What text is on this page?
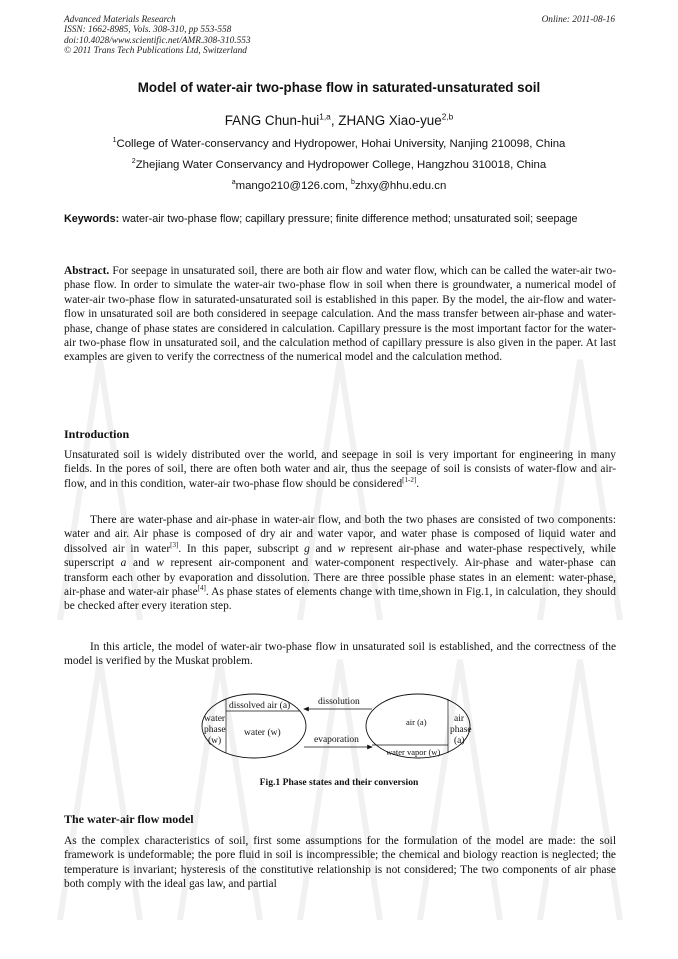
Advanced Materials Research
ISSN: 1662-8985, Vols. 308-310, pp 553-558
doi:10.4028/www.scientific.net/AMR.308-310.553
© 2011 Trans Tech Publications Ltd, Switzerland
Online: 2011-08-16
Model of water-air two-phase flow in saturated-unsaturated soil
FANG Chun-hui$^{1,a}$, ZHANG Xiao-yue$^{2,b}$
$^1$College of Water-conservancy and Hydropower, Hohai University, Nanjing 210098, China
$^2$Zhejiang Water Conservancy and Hydropower College, Hangzhou 310018, China
$^a$mango210@126.com, $^b$zhxy@hhu.edu.cn
Keywords: water-air two-phase flow; capillary pressure; finite difference method; unsaturated soil; seepage
Abstract. For seepage in unsaturated soil, there are both air flow and water flow, which can be called the water-air two-phase flow. In order to simulate the water-air two-phase flow in soil when there is groundwater, a numerical model of water-air two-phase flow in saturated-unsaturated soil is established in this paper. By the model, the air-flow and water-flow in unsaturated soil are both considered in seepage calculation. And the mass transfer between air-phase and water-phase, change of phase states are considered in calculation. Capillary pressure is the most important factor for the water-air two-phase flow in unsaturated soil, and the calculation method of capillary pressure is also given in the paper. At last examples are given to verify the correctness of the numerical model and the calculation method.
Introduction
Unsaturated soil is widely distributed over the world, and seepage in soil is very important for engineering in many fields. In the pores of soil, there are often both water and air, thus the seepage of soil is consists of water-flow and air-flow, and in this condition, water-air two-phase flow should be considered[1-2].
There are water-phase and air-phase in water-air flow, and both the two phases are consisted of two components: water and air. Air phase is composed of dry air and water vapor, and water phase is composed of liquid water and dissolved air in water[3]. In this paper, subscript g and w represent air-phase and water-phase respectively, while superscript a and w represent air-component and water-component respectively. Air-phase and water-phase can transform each other by evaporation and dissolution. There are three possible phase states in an element: water-phase, air-phase and water-air phase[4]. As phase states of elements change with time,shown in Fig.1, in calculation, they should be checked after every iteration step.
In this article, the model of water-air two-phase flow in unsaturated soil is established, and the correctness of the model is verified by the Muskat problem.
dissolved air (a)	dissolution
water
phase
(w)
water (w)
air (a)	air
phase
(a)
evaporation
water vapor (w)
Fig.1 Phase states and their conversion
The water-air flow model
As the complex characteristics of soil, first some assumptions for the formulation of the model are made: the soil framework is undeformable; the pore fluid in soil is incompressible; the chemical and biology reaction is neglected; the temperature is invariant; hysteresis of the constitutive relationship is not considered; The two components of air phase both comply with the ideal gas law, and partial
